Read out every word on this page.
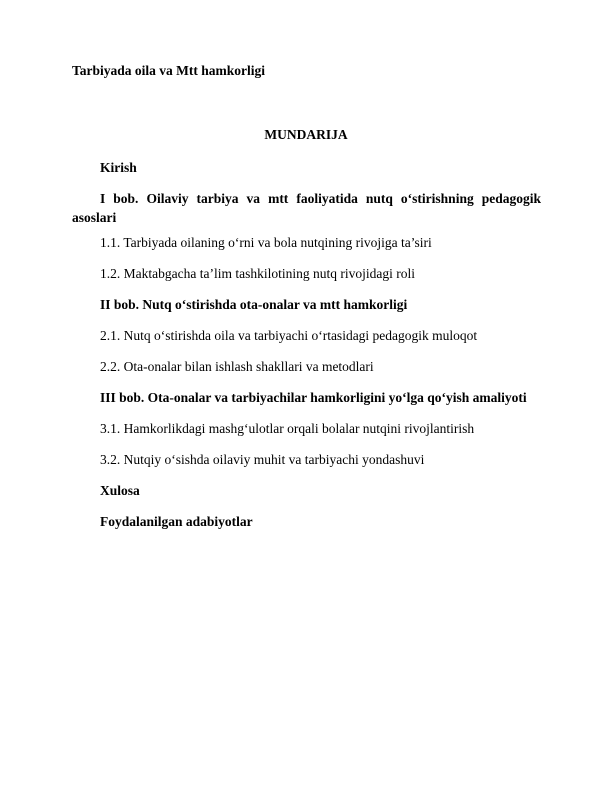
Tarbiyada oila va Mtt hamkorligi
MUNDARIJA
Kirish
I bob. Oilaviy tarbiya va mtt faoliyatida nutq o‘stirishning pedagogik asoslari
1.1. Tarbiyada oilaning o‘rni va bola nutqining rivojiga ta’siri
1.2. Maktabgacha ta’lim tashkilotining nutq rivojidagi roli
II bob. Nutq o‘stirishda ota-onalar va mtt hamkorligi
2.1. Nutq o‘stirishda oila va tarbiyachi o‘rtasidagi pedagogik muloqot
2.2. Ota-onalar bilan ishlash shakllari va metodlari
III bob. Ota-onalar va tarbiyachilar hamkorligini yo‘lga qo‘yish amaliyoti
3.1. Hamkorlikdagi mashg‘ulotlar orqali bolalar nutqini rivojlantirish
3.2. Nutqiy o‘sishda oilaviy muhit va tarbiyachi yondashuvi
Xulosa
Foydalanilgan adabiyotlar
